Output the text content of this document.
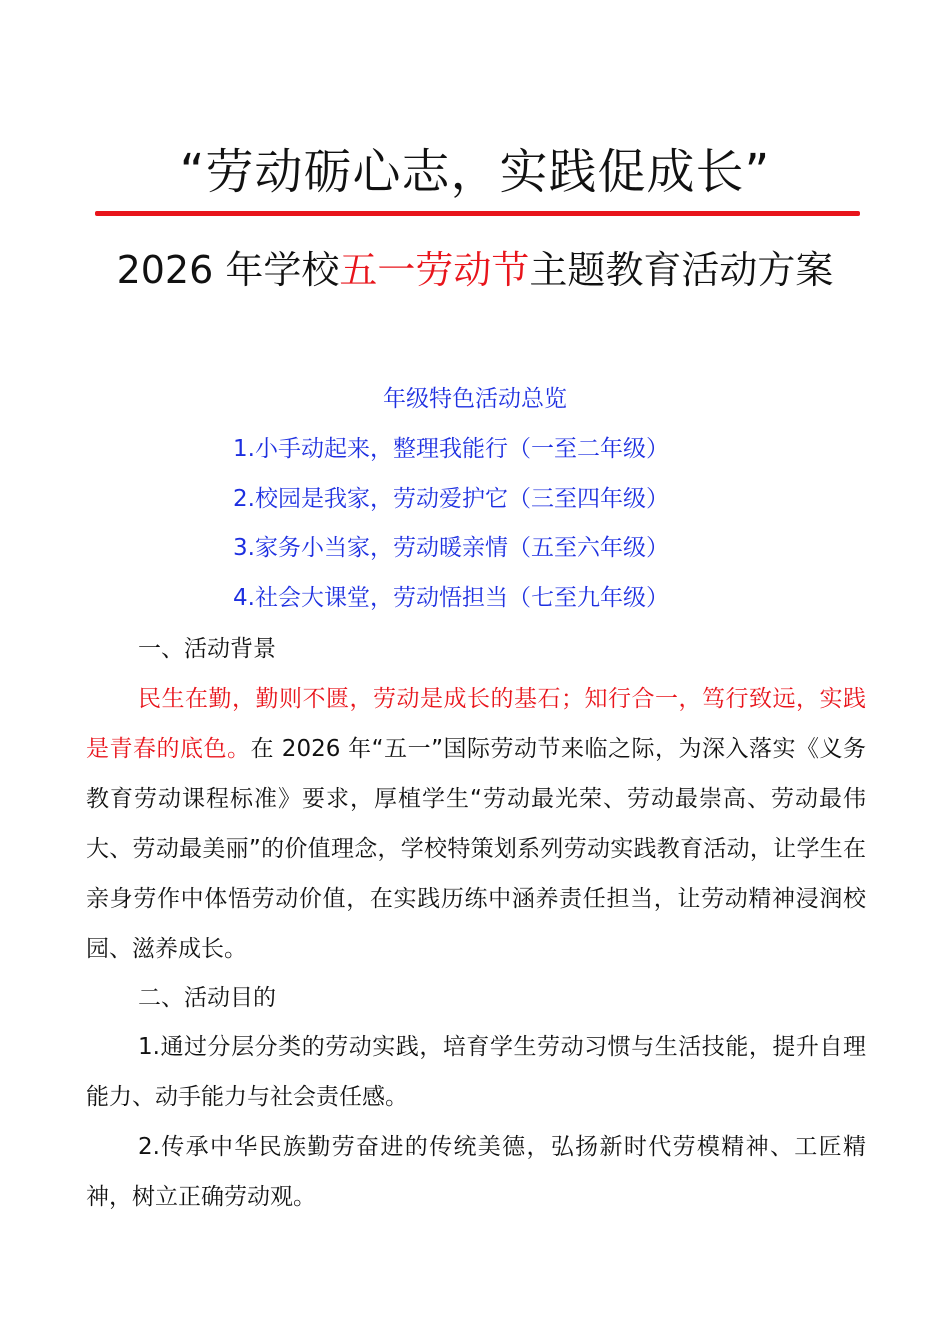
“劳动砺心志，实践促成长”
2026 年学校五一劳动节主题教育活动方案
年级特色活动总览
1.小手动起来，整理我能行（一至二年级）
2.校园是我家，劳动爱护它（三至四年级）
3.家务小当家，劳动暖亲情（五至六年级）
4.社会大课堂，劳动悟担当（七至九年级）
一、活动背景

民生在勤，勤则不匮，劳动是成长的基石；知行合一，笃行致远，实践是青春的底色。在 2026 年“五一”国际劳动节来临之际，为深入落实《义务教育劳动课程标准》要求，厚植学生“劳动最光荣、劳动最崇高、劳动最伟大、劳动最美丽”的价值理念，学校特策划系列劳动实践教育活动，让学生在亲身劳作中体悟劳动价值，在实践历练中涵养责任担当，让劳动精神浸润校园、滋养成长。

二、活动目的

1.通过分层分类的劳动实践，培育学生劳动习惯与生活技能，提升自理能力、动手能力与社会责任感。

2.传承中华民族勤劳奋进的传统美德，弘扬新时代劳模精神、工匠精神，树立正确劳动观。
